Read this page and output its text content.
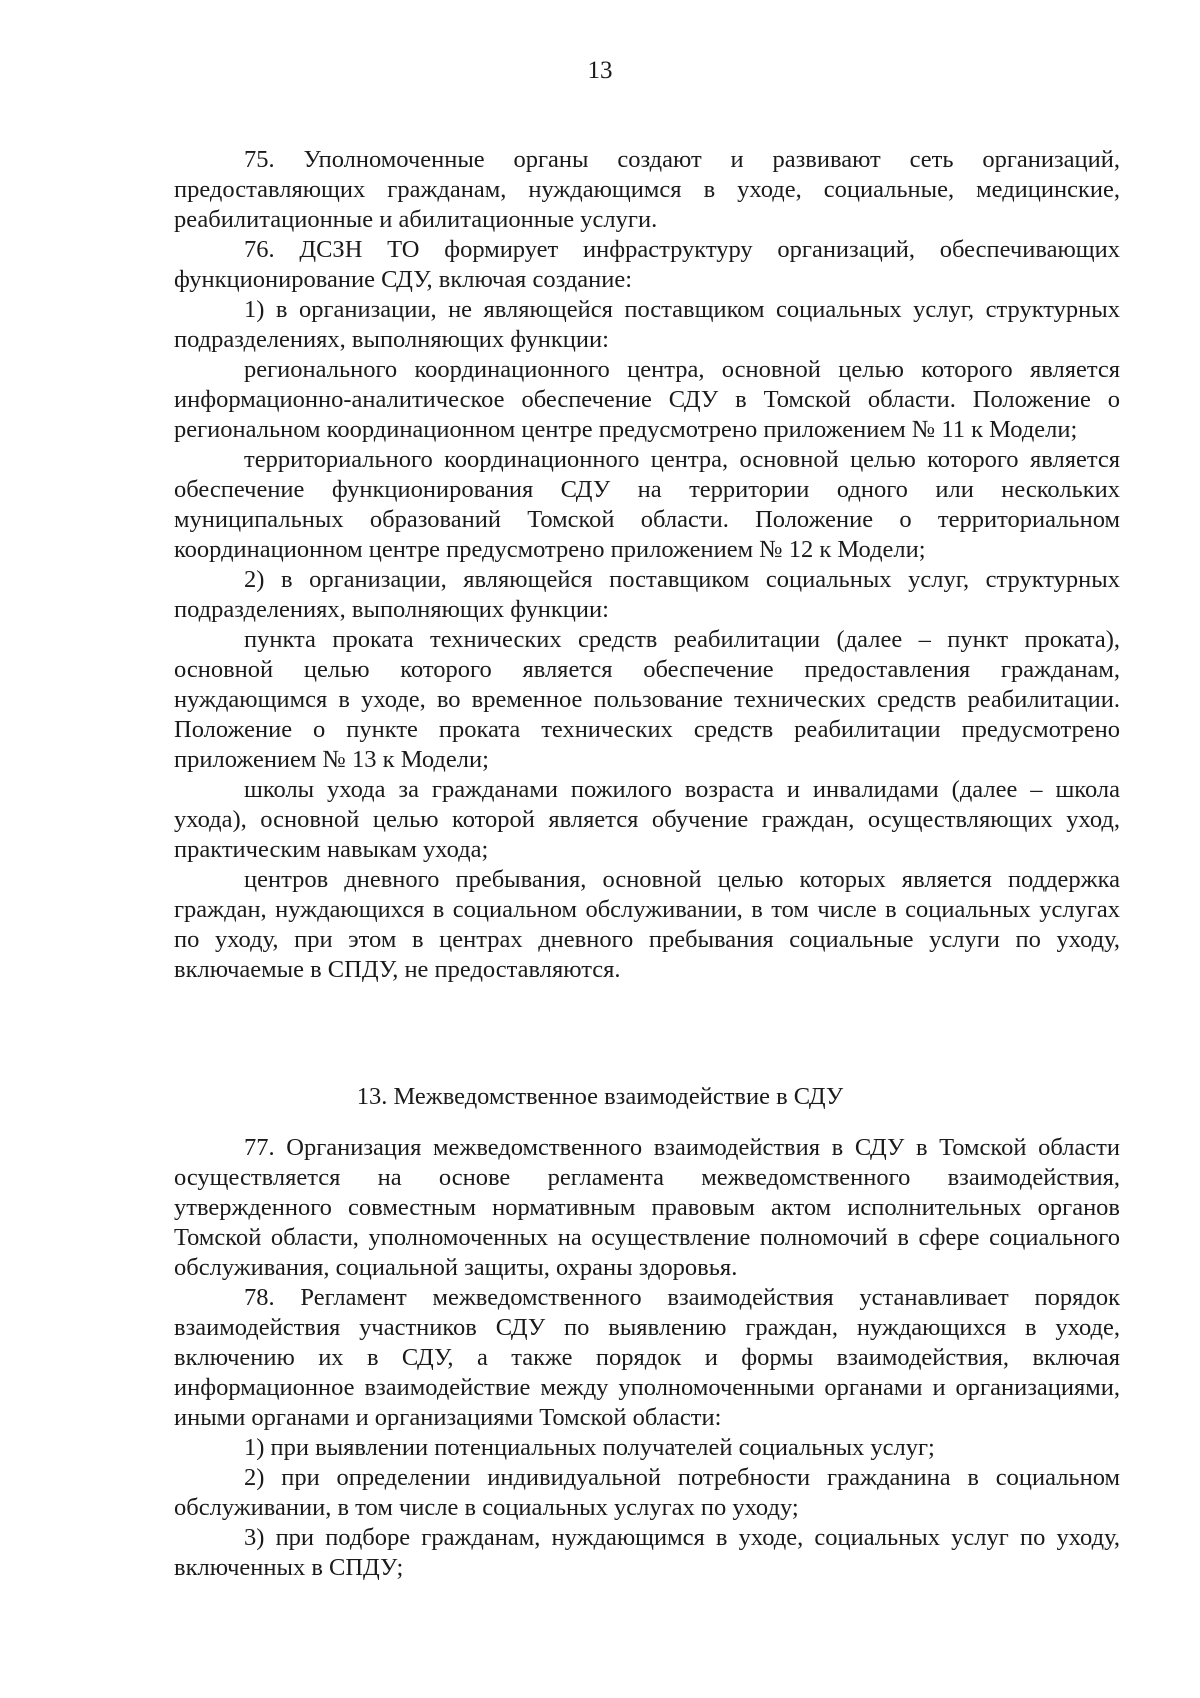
13

75. Уполномоченные органы создают и развивают сеть организаций, предоставляющих гражданам, нуждающимся в уходе, социальные, медицинские, реабилитационные и абилитационные услуги.

76. ДСЗН ТО формирует инфраструктуру организаций, обеспечивающих функционирование СДУ, включая создание:

1) в организации, не являющейся поставщиком социальных услуг, структурных подразделениях, выполняющих функции:

регионального координационного центра, основной целью которого является информационно-аналитическое обеспечение СДУ в Томской области. Положение о региональном координационном центре предусмотрено приложением № 11 к Модели;

территориального координационного центра, основной целью которого является обеспечение функционирования СДУ на территории одного или нескольких муниципальных образований Томской области. Положение о территориальном координационном центре предусмотрено приложением № 12 к Модели;

2) в организации, являющейся поставщиком социальных услуг, структурных подразделениях, выполняющих функции:

пункта проката технических средств реабилитации (далее – пункт проката), основной целью которого является обеспечение предоставления гражданам, нуждающимся в уходе, во временное пользование технических средств реабилитации. Положение о пункте проката технических средств реабилитации предусмотрено приложением № 13 к Модели;

школы ухода за гражданами пожилого возраста и инвалидами (далее – школа ухода), основной целью которой является обучение граждан, осуществляющих уход, практическим навыкам ухода;

центров дневного пребывания, основной целью которых является поддержка граждан, нуждающихся в социальном обслуживании, в том числе в социальных услугах по уходу, при этом в центрах дневного пребывания социальные услуги по уходу, включаемые в СПДУ, не предоставляются.

13. Межведомственное взаимодействие в СДУ

77. Организация межведомственного взаимодействия в СДУ в Томской области осуществляется на основе регламента межведомственного взаимодействия, утвержденного совместным нормативным правовым актом исполнительных органов Томской области, уполномоченных на осуществление полномочий в сфере социального обслуживания, социальной защиты, охраны здоровья.

78. Регламент межведомственного взаимодействия устанавливает порядок взаимодействия участников СДУ по выявлению граждан, нуждающихся в уходе, включению их в СДУ, а также порядок и формы взаимодействия, включая информационное взаимодействие между уполномоченными органами и организациями, иными органами и организациями Томской области:

1) при выявлении потенциальных получателей социальных услуг;

2) при определении индивидуальной потребности гражданина в социальном обслуживании, в том числе в социальных услугах по уходу;

3) при подборе гражданам, нуждающимся в уходе, социальных услуг по уходу, включенных в СПДУ;
